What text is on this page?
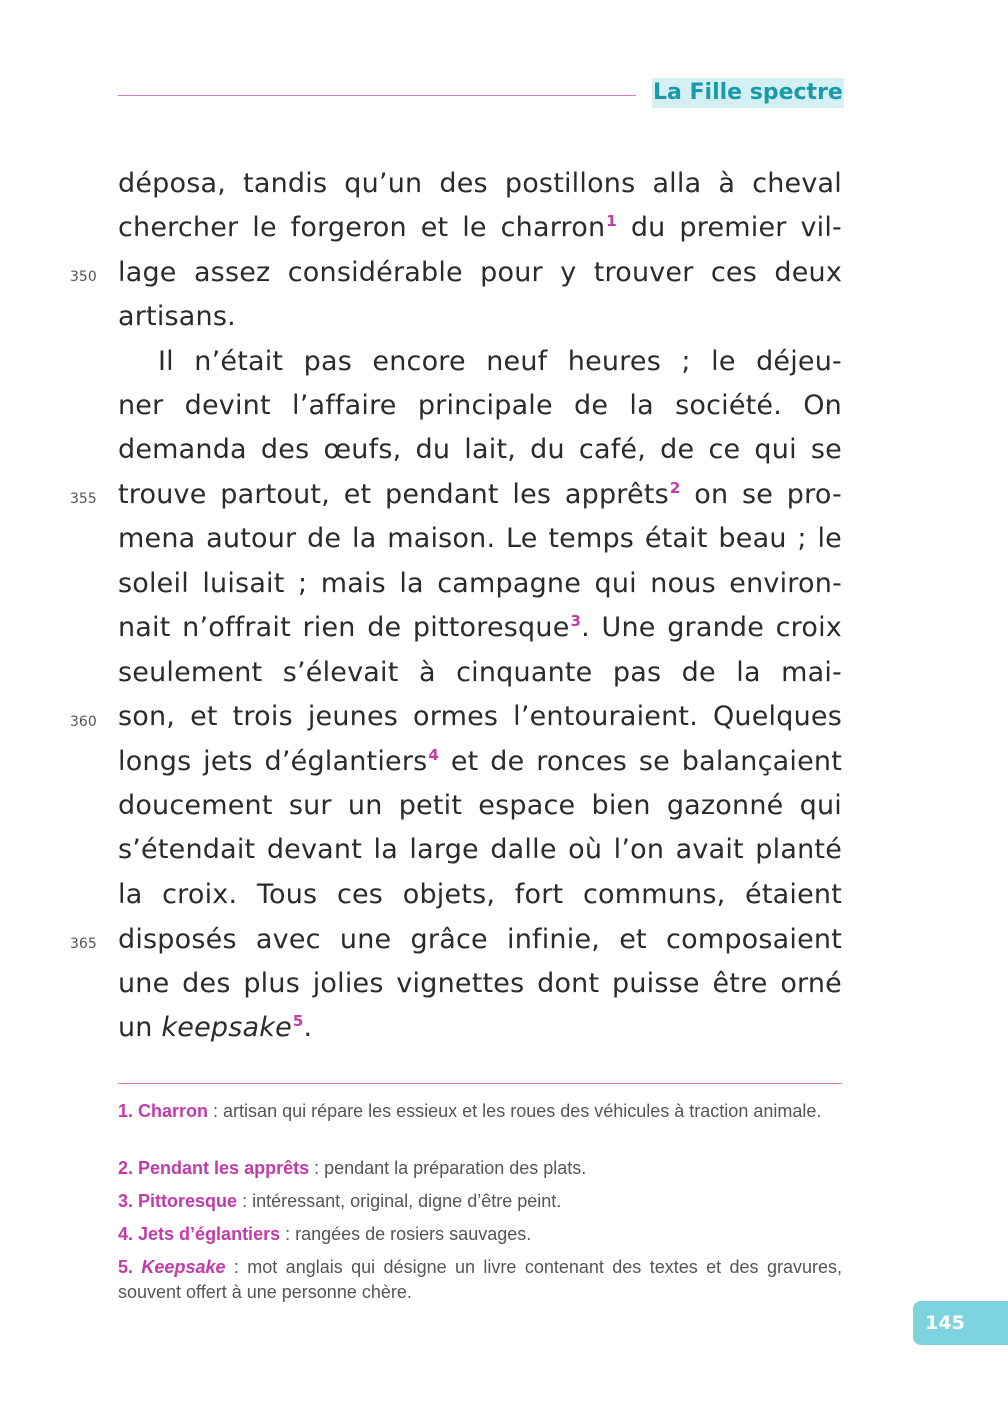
La Fille spectre
déposa, tandis qu’un des postillons alla à cheval
chercher le forgeron et le charron$^1$ du premier vil-
lage assez considérable pour y trouver ces deux
artisans.
Il n’était pas encore neuf heures ; le déjeu-
ner devint l’affaire principale de la société. On
demanda des œufs, du lait, du café, de ce qui se
trouve partout, et pendant les apprêts$^2$ on se pro-
mena autour de la maison. Le temps était beau ; le
soleil luisait ; mais la campagne qui nous environ-
nait n’offrait rien de pittoresque$^3$. Une grande croix
seulement s’élevait à cinquante pas de la mai-
son, et trois jeunes ormes l’entouraient. Quelques
longs jets d’églantiers$^4$ et de ronces se balançaient
doucement sur un petit espace bien gazonné qui
s’étendait devant la large dalle où l’on avait planté
la croix. Tous ces objets, fort communs, étaient
disposés avec une grâce infinie, et composaient
une des plus jolies vignettes dont puisse être orné
un keepsake$^5$.
350
355
360
365
1. Charron : artisan qui répare les essieux et les roues des véhicules à traction animale.
2. Pendant les apprêts : pendant la préparation des plats.
3. Pittoresque : intéressant, original, digne d’être peint.
4. Jets d’églantiers : rangées de rosiers sauvages.
5. Keepsake : mot anglais qui désigne un livre contenant des textes et des gravures, souvent offert à une personne chère.
145
